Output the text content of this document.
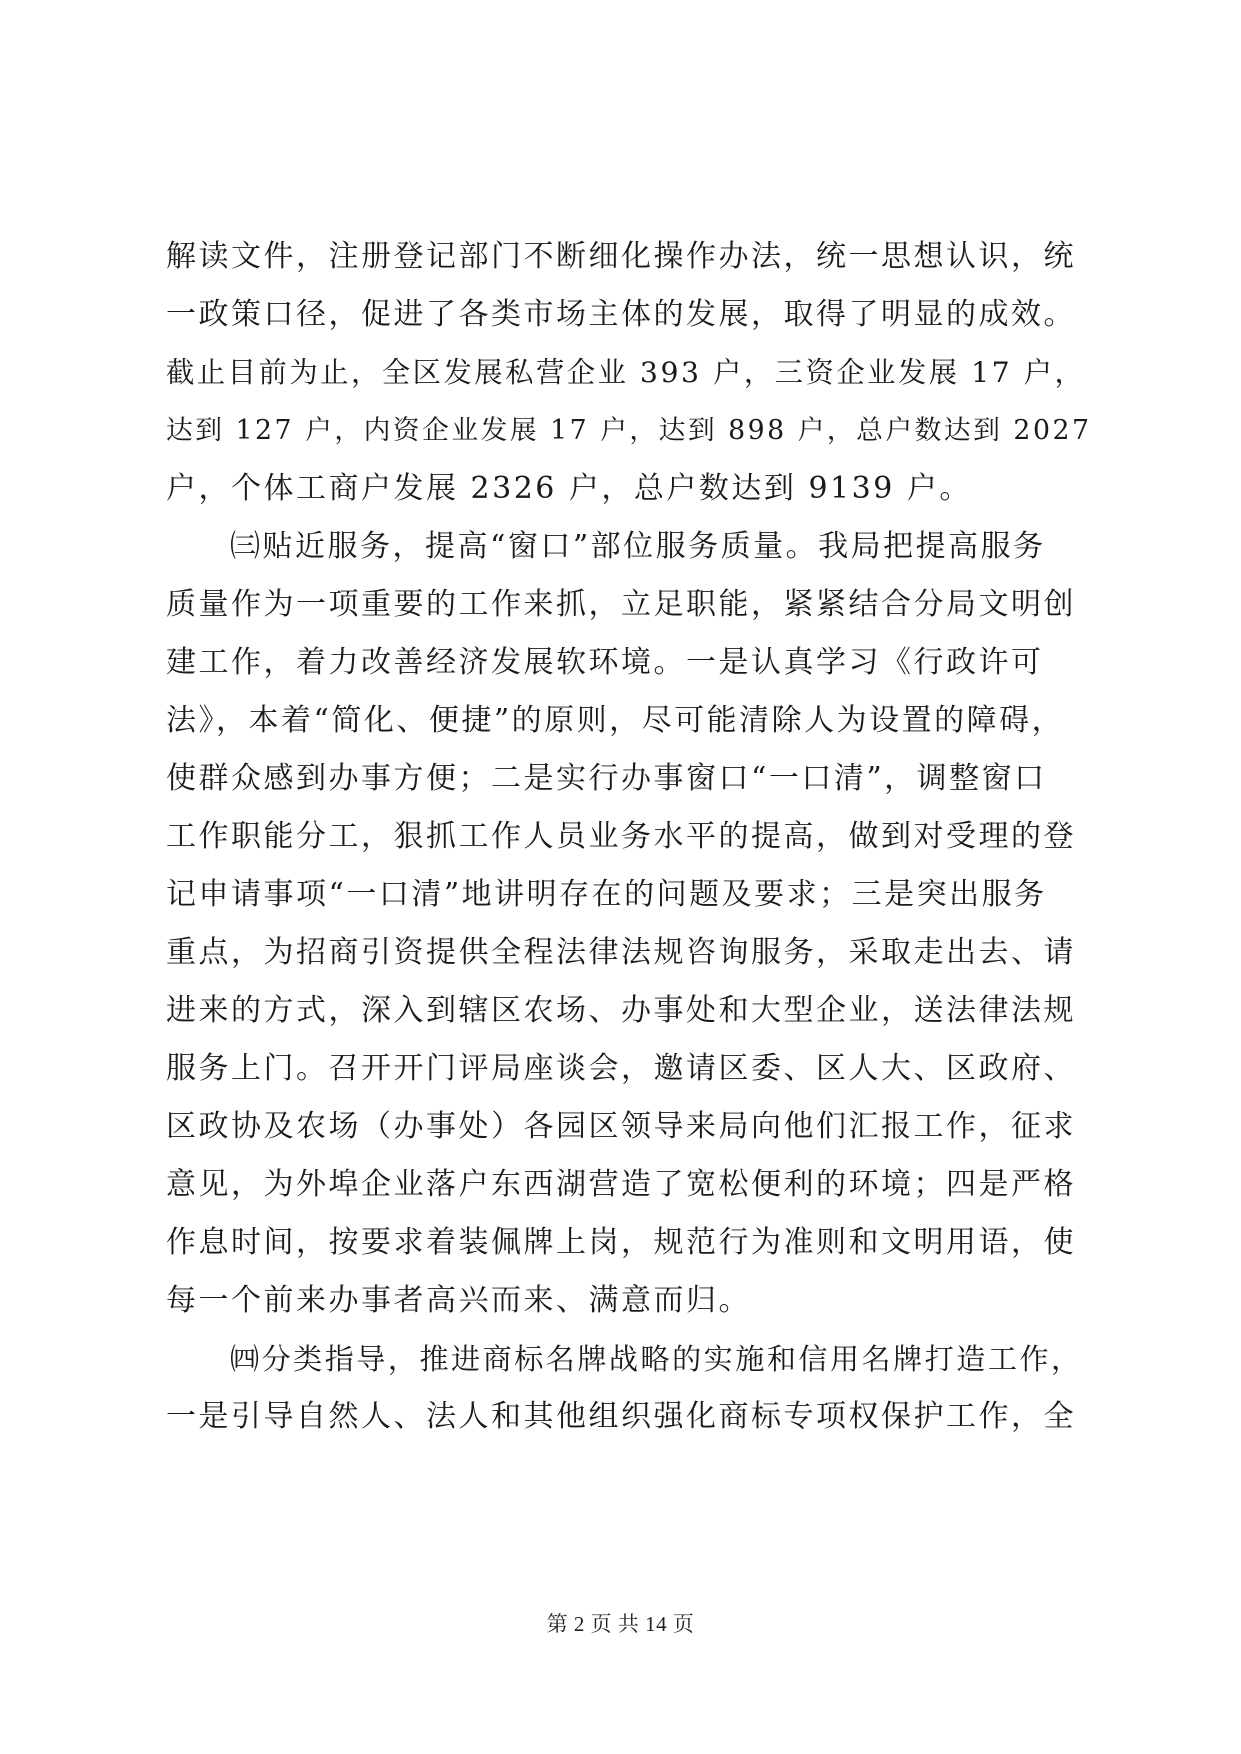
解读文件，注册登记部门不断细化操作办法，统一思想认识，统
一政策口径，促进了各类市场主体的发展，取得了明显的成效。
截止目前为止，全区发展私营企业 393 户，三资企业发展 17 户，
达到 127 户，内资企业发展 17 户，达到 898 户，总户数达到 2027
户，个体工商户发展 2326 户，总户数达到 9139 户。

㈢贴近服务，提高“窗口”部位服务质量。我局把提高服务
质量作为一项重要的工作来抓，立足职能，紧紧结合分局文明创
建工作，着力改善经济发展软环境。一是认真学习《行政许可
法》，本着“简化、便捷”的原则，尽可能清除人为设置的障碍，
使群众感到办事方便；二是实行办事窗口“一口清”，调整窗口
工作职能分工，狠抓工作人员业务水平的提高，做到对受理的登
记申请事项“一口清”地讲明存在的问题及要求；三是突出服务
重点，为招商引资提供全程法律法规咨询服务，采取走出去、请
进来的方式，深入到辖区农场、办事处和大型企业，送法律法规
服务上门。召开开门评局座谈会，邀请区委、区人大、区政府、
区政协及农场（办事处）各园区领导来局向他们汇报工作，征求
意见，为外埠企业落户东西湖营造了宽松便利的环境；四是严格
作息时间，按要求着装佩牌上岗，规范行为准则和文明用语，使
每一个前来办事者高兴而来、满意而归。

㈣分类指导，推进商标名牌战略的实施和信用名牌打造工作，
一是引导自然人、法人和其他组织强化商标专项权保护工作，全

第 2 页 共 14 页
